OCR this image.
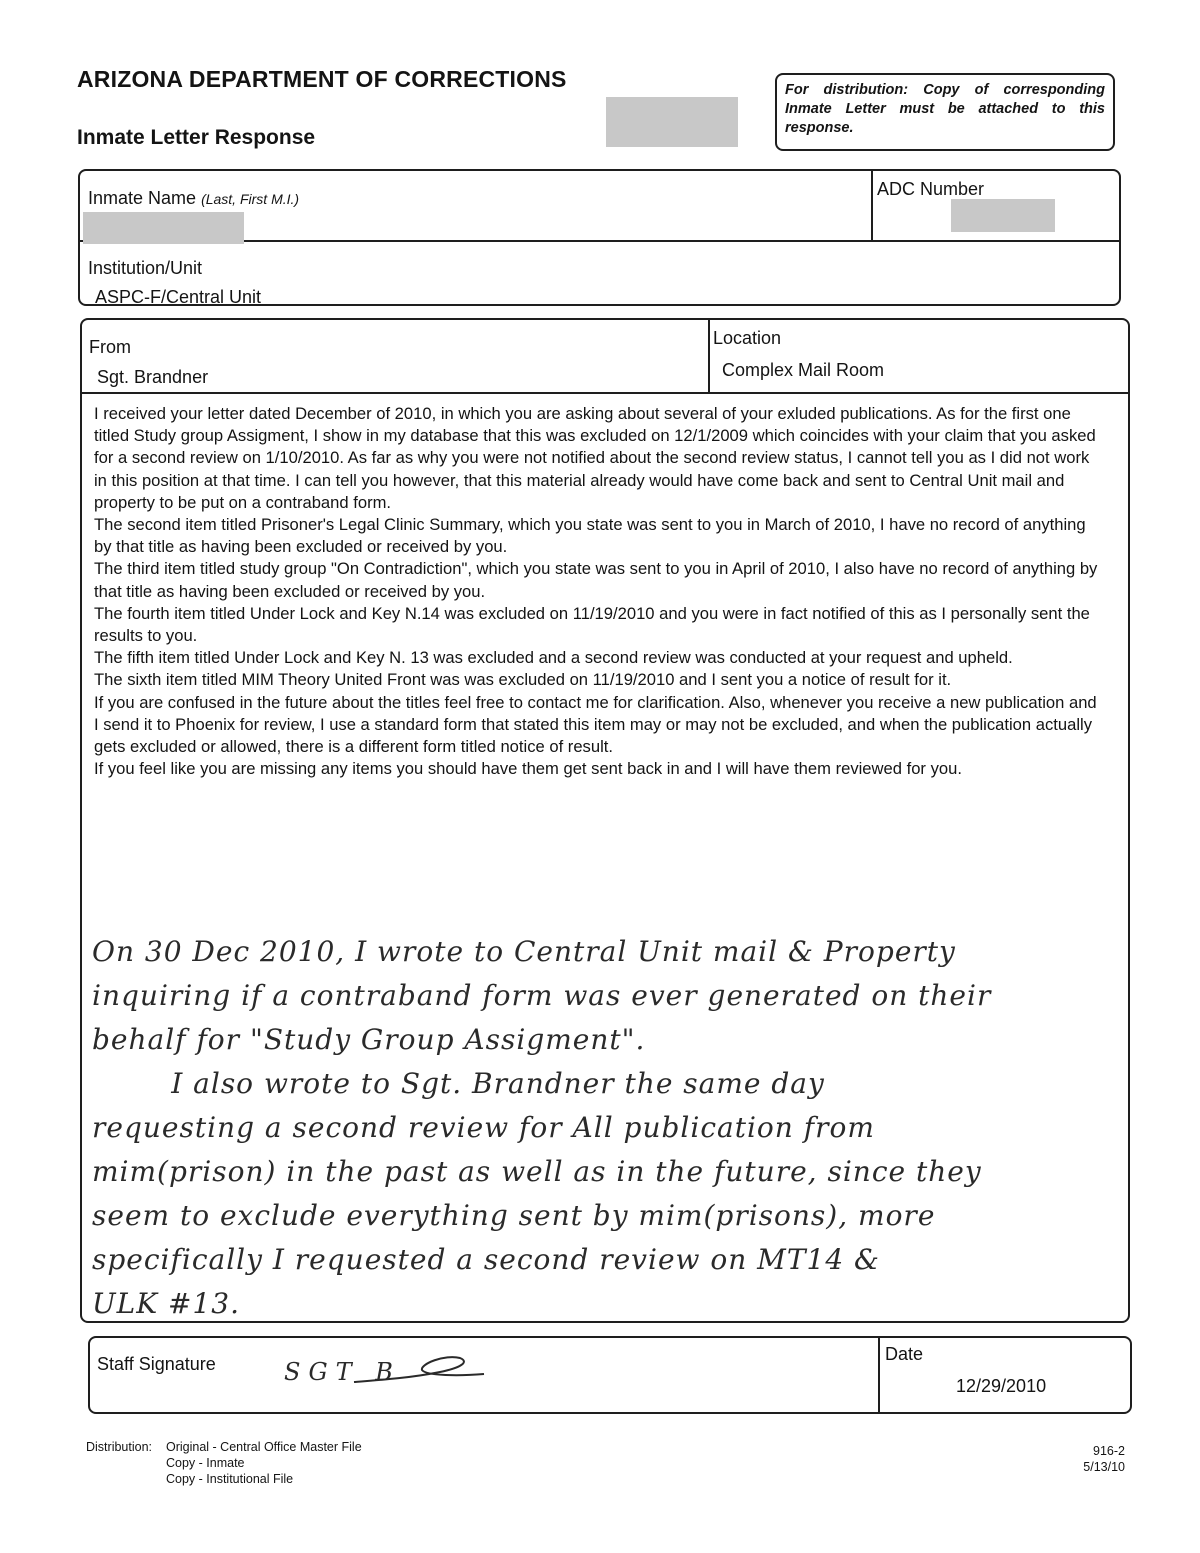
ARIZONA DEPARTMENT OF CORRECTIONS
Inmate Letter Response
For distribution: Copy of corresponding Inmate Letter must be attached to this response.
Inmate Name (Last, First M.I.)	ADC Number
Institution/Unit
ASPC-F/Central Unit
From
Sgt. Brandner
Location
Complex Mail Room

I received your letter dated December of 2010, in which you are asking about several of your exluded publications. As for the first one titled Study group Assigment, I show in my database that this was excluded on 12/1/2009 which coincides with your claim that you asked for a second review on 1/10/2010. As far as why you were not notified about the second review status, I cannot tell you as I did not work in this position at that time. I can tell you however, that this material already would have come back and sent to Central Unit mail and property to be put on a contraband form.

The second item titled Prisoner's Legal Clinic Summary, which you state was sent to you in March of 2010, I have no record of anything by that title as having been excluded or received by you.

The third item titled study group "On Contradiction", which you state was sent to you in April of 2010, I also have no record of anything by that title as having been excluded or received by you.

The fourth item titled Under Lock and Key N.14 was excluded on 11/19/2010 and you were in fact notified of this as I personally sent the results to you.

The fifth item titled Under Lock and Key N. 13 was excluded and a second review was conducted at your request and upheld.

The sixth item titled MIM Theory United Front was was excluded on 11/19/2010 and I sent you a notice of result for it.

If you are confused in the future about the titles feel free to contact me for clarification. Also, whenever you receive a new publication and I send it to Phoenix for review, I use a standard form that stated this item may or may not be excluded, and when the publication actually gets excluded or allowed, there is a different form titled notice of result.

If you feel like you are missing any items you should have them get sent back in and I will have them reviewed for you.

On 30 Dec 2010, I wrote to Central Unit mail & Property

inquiring if a contraband form was ever generated on their

behalf for "Study Group Assigment".

I also wrote to Sgt. Brandner the same day

requesting a second review for All publication from

mim(prison) in the past as well as in the future, since they

seem to exclude everything sent by mim(prisons), more

specifically I requested a second review on MT14 &

ULK #13.

Staff Signature	SGT B
Date
12/29/2010
Distribution: Original - Central Office Master File
Copy - Inmate
Copy - Institutional File
916-2
5/13/10
